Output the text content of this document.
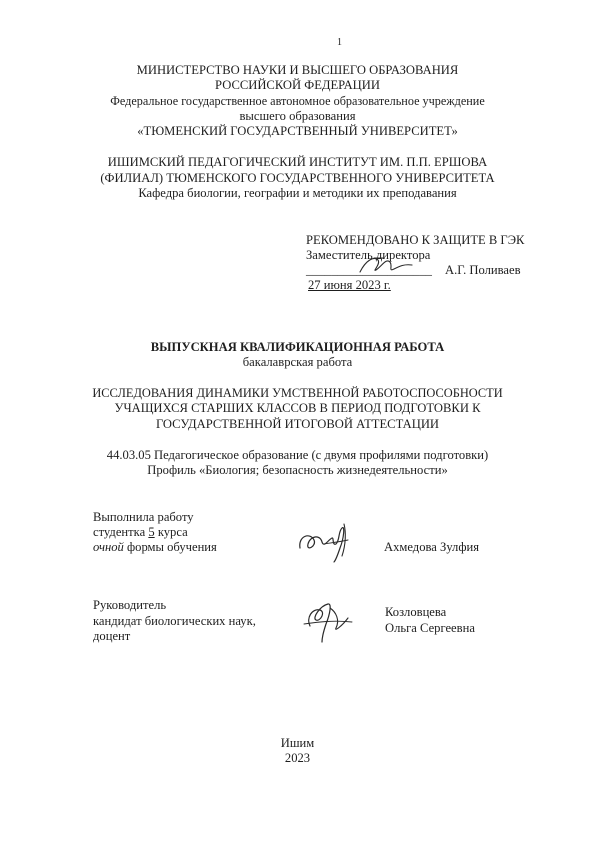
1
МИНИСТЕРСТВО НАУКИ И ВЫСШЕГО ОБРАЗОВАНИЯ
РОССИЙСКОЙ ФЕДЕРАЦИИ
Федеральное государственное автономное образовательное учреждение
высшего образования
«ТЮМЕНСКИЙ ГОСУДАРСТВЕННЫЙ УНИВЕРСИТЕТ»
ИШИМСКИЙ ПЕДАГОГИЧЕСКИЙ ИНСТИТУТ ИМ. П.П. ЕРШОВА
(ФИЛИАЛ) ТЮМЕНСКОГО ГОСУДАРСТВЕННОГО УНИВЕРСИТЕТА
Кафедра биологии, географии и методики их преподавания
РЕКОМЕНДОВАНО К ЗАЩИТЕ В ГЭК
Заместитель директора
____________________ А.Г. Поливаев
27 июня 2023 г.
ВЫПУСКНАЯ КВАЛИФИКАЦИОННАЯ РАБОТА
бакалаврская работа
ИССЛЕДОВАНИЯ ДИНАМИКИ УМСТВЕННОЙ РАБОТОСПОСОБНОСТИ
УЧАЩИХСЯ СТАРШИХ КЛАССОВ В ПЕРИОД ПОДГОТОВКИ К
ГОСУДАРСТВЕННОЙ ИТОГОВОЙ АТТЕСТАЦИИ
44.03.05 Педагогическое образование (с двумя профилями подготовки)
Профиль «Биология; безопасность жизнедеятельности»
Выполнила работу
студентка 5 курса
очной формы обучения	Ахмедова Зулфия
Руководитель
кандидат биологических наук,
доцент
Козловцева
Ольга Сергеевна
Ишим
2023
